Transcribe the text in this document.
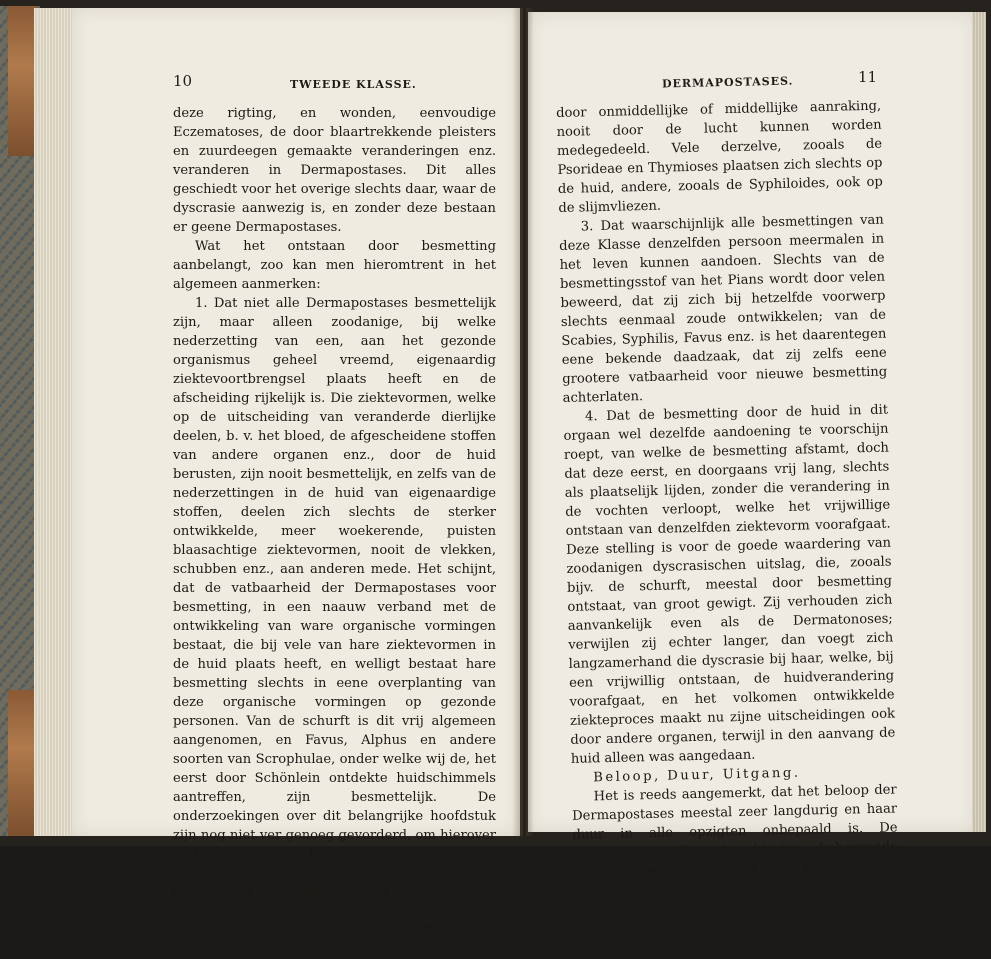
10	TWEEDE KLASSE.

deze rigting, en wonden, eenvoudige Eczematoses, de door blaartrekkende pleisters en zuurdeegen gemaakte veranderingen enz. veranderen in Dermapostases. Dit alles geschiedt voor het overige slechts daar, waar de dyscrasie aanwezig is, en zonder deze bestaan er geene Dermapostases.

Wat het ontstaan door besmetting aanbelangt, zoo kan men hieromtrent in het algemeen aanmerken:

1. Dat niet alle Dermapostases besmettelijk zijn, maar alleen zoodanige, bij welke nederzetting van een, aan het gezonde organismus geheel vreemd, eigenaardig ziektevoortbrengsel plaats heeft en de afscheiding rijkelijk is. Die ziektevormen, welke op de uitscheiding van veranderde dierlijke deelen, b. v. het bloed, de afgescheidene stoffen van andere organen enz., door de huid berusten, zijn nooit besmettelijk, en zelfs van de nederzettingen in de huid van eigenaardige stoffen, deelen zich slechts de sterker ontwikkelde, meer woekerende, puisten blaasachtige ziektevormen, nooit de vlekken, schubben enz., aan anderen mede. Het schijnt, dat de vatbaarheid der Dermapostases voor besmetting, in een naauw verband met de ontwikkeling van ware organische vormingen bestaat, die bij vele van hare ziektevormen in de huid plaats heeft, en welligt bestaat hare besmetting slechts in eene overplanting van deze organische vormingen op gezonde personen. Van de schurft is dit vrij algemeen aangenomen, en Favus, Alphus en andere soorten van Scrophulae, onder welke wij de, het eerst door Schönlein ontdekte huidschimmels aantreffen, zijn besmettelijk. De onderzoekingen over dit belangrijke hoofdstuk zijn nog niet ver genoeg gevorderd, om hierover met zekerheid te kunnen oordeelen; welligt vinden wij echter met der tijd in alle besmettelijke Dermapostases dieren of plantaardige gewassen.

2. Dat de besmettingsstoffen der Dermapostases slechts

DERMAPOSTASES.	11

door onmiddellijke of middellijke aanraking, nooit door de lucht kunnen worden medegedeeld. Vele derzelve, zooals de Psorideae en Thymioses plaatsen zich slechts op de huid, andere, zooals de Syphiloides, ook op de slijmvliezen.

3. Dat waarschijnlijk alle besmettingen van deze Klasse denzelfden persoon meermalen in het leven kunnen aandoen. Slechts van de besmettingsstof van het Pians wordt door velen beweerd, dat zij zich bij hetzelfde voorwerp slechts eenmaal zoude ontwikkelen; van de Scabies, Syphilis, Favus enz. is het daarentegen eene bekende daadzaak, dat zij zelfs eene grootere vatbaarheid voor nieuwe besmetting achterlaten.

4. Dat de besmetting door de huid in dit orgaan wel dezelfde aandoening te voorschijn roept, van welke de besmetting afstamt, doch dat deze eerst, en doorgaans vrij lang, slechts als plaatselijk lijden, zonder die verandering in de vochten verloopt, welke het vrijwillige ontstaan van denzelfden ziektevorm voorafgaat. Deze stelling is voor de goede waardering van zoodanigen dyscrasischen uitslag, die, zooals bijv. de schurft, meestal door besmetting ontstaat, van groot gewigt. Zij verhouden zich aanvankelijk even als de Dermatonoses; verwijlen zij echter langer, dan voegt zich langzamerhand die dyscrasie bij haar, welke, bij een vrijwillig ontstaan, de huidverandering voorafgaat, en het volkomen ontwikkelde ziekteproces maakt nu zijne uitscheidingen ook door andere organen, terwijl in den aanvang de huid alleen was aangedaan.

Beloop, Duur, Uitgang.

Het is reeds aangemerkt, dat het beloop der Dermapostases meestal zeer langdurig en haar duur in alle opzigten onbepaald is. De uitgangen, welke de hiertoe behoorende ziektevormen en Familiën kunnen maken, zijn in het algemeen de volgende:
